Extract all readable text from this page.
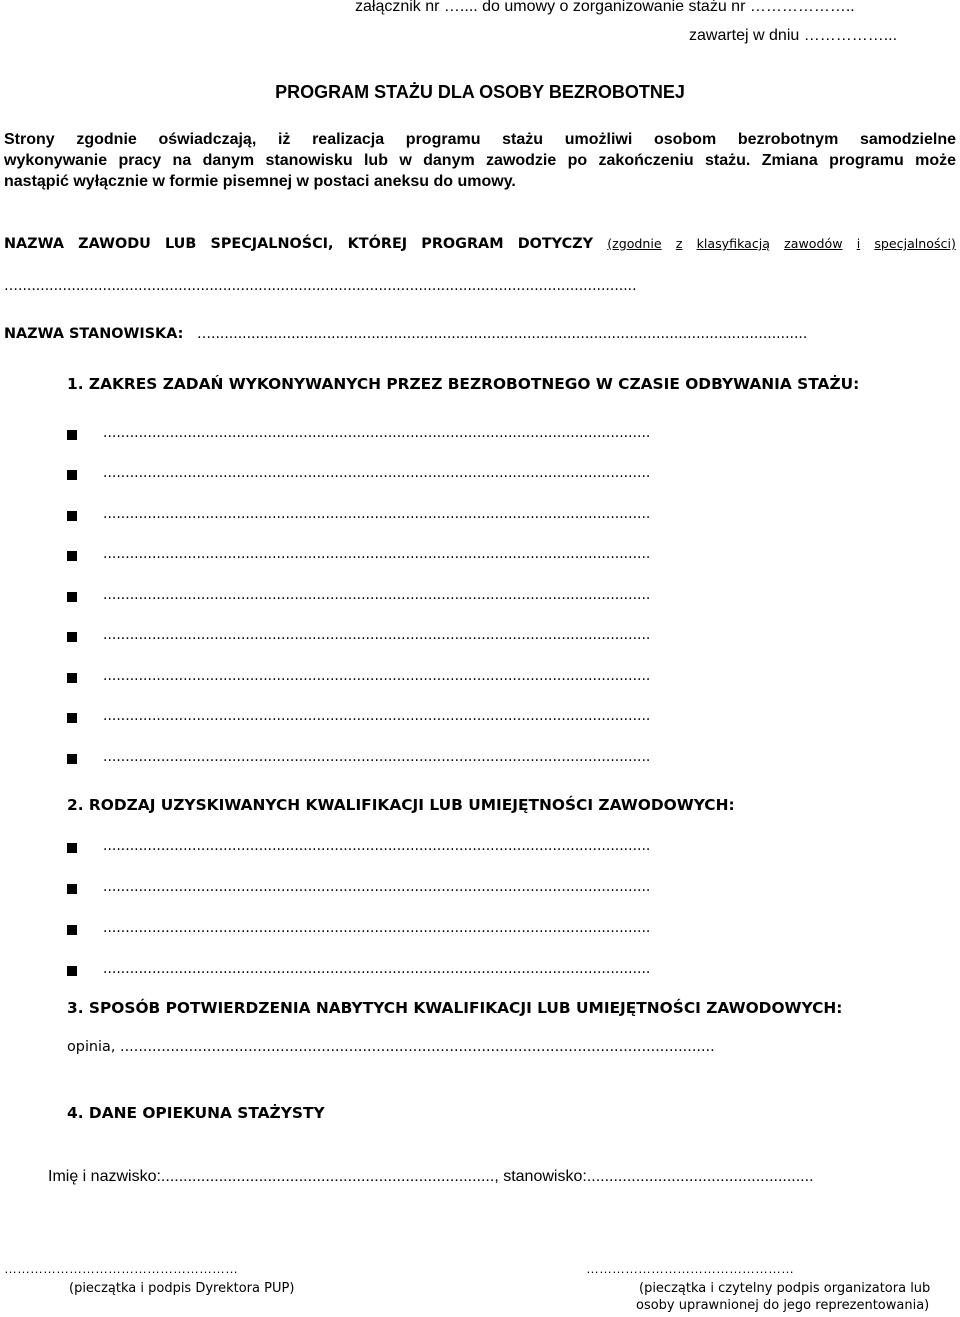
załącznik nr ….... do umowy o zorganizowanie stażu nr ………………..
zawartej w dniu ……………...
PROGRAM STAŻU DLA OSOBY BEZROBOTNEJ
Strony zgodnie oświadczają, iż realizacja programu stażu umożliwi osobom bezrobotnym samodzielne
wykonywanie pracy na danym stanowisku lub w danym zawodzie po zakończeniu stażu. Zmiana programu może
nastąpić wyłącznie w formie pisemnej w postaci aneksu do umowy.
NAZWA ZAWODU LUB SPECJALNOŚCI, KTÓREJ PROGRAM DOTYCZY (zgodnie z klasyfikacją zawodów i specjalności)
…...........................................................................................................................................
NAZWA STANOWISKA: …......................................................................................................................................
1. ZAKRES ZADAŃ WYKONYWANYCH PRZEZ BEZROBOTNEGO W CZASIE ODBYWANIA STAŻU:
...........................................................................................................................
...........................................................................................................................
...........................................................................................................................
...........................................................................................................................
...........................................................................................................................
...........................................................................................................................
...........................................................................................................................
...........................................................................................................................
...........................................................................................................................
2. RODZAJ UZYSKIWANYCH KWALIFIKACJI LUB UMIEJĘTNOŚCI ZAWODOWYCH:
...........................................................................................................................
...........................................................................................................................
...........................................................................................................................
...........................................................................................................................
3. SPOSÓB POTWIERDZENIA NABYTYCH KWALIFIKACJI LUB UMIEJĘTNOŚCI ZAWODOWYCH:
opinia, ..................................................................................................................................
4. DANE OPIEKUNA STAŻYSTY
Imię i nazwisko:..........................................................................., stanowisko:...................................................
………………………………………………
(pieczątka i podpis Dyrektora PUP)
…………………………………………
(pieczątka i czytelny podpis organizatora lub
osoby uprawnionej do jego reprezentowania)
